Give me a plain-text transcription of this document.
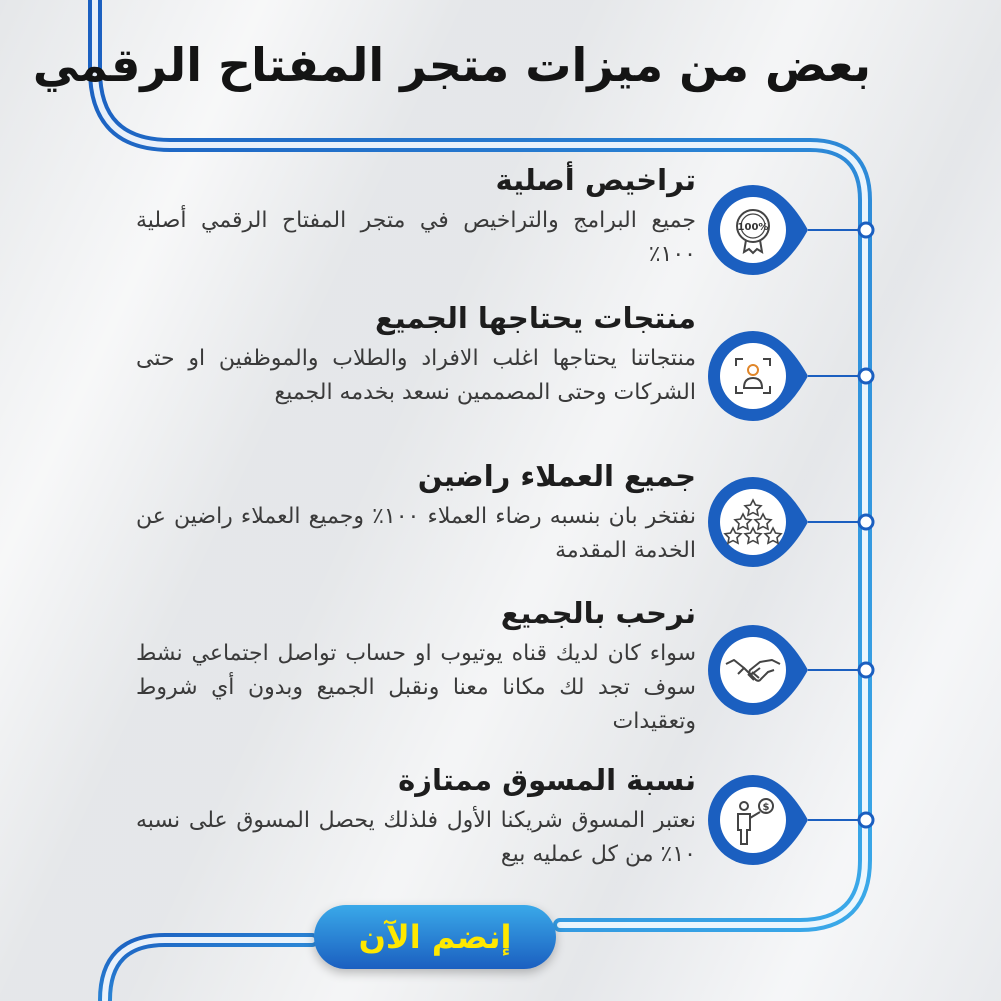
بعض من ميزات متجر المفتاح الرقمي
تراخيص أصلية

جميع البرامج والتراخيص في متجر المفتاح الرقمي أصلية ١٠٠٪

منتجات يحتاجها الجميع

منتجاتنا يحتاجها اغلب الافراد والطلاب والموظفين او حتى الشركات وحتى المصممين نسعد بخدمه الجميع

جميع العملاء راضين

نفتخر بان بنسبه رضاء العملاء ١٠٠٪ وجميع العملاء راضين عن الخدمة المقدمة

نرحب بالجميع

سواء كان لديك قناه يوتيوب او حساب تواصل اجتماعي نشط سوف تجد لك مكانا معنا ونقبل الجميع وبدون أي شروط وتعقيدات

نسبة المسوق ممتازة

نعتبر المسوق شريكنا الأول فلذلك يحصل المسوق على نسبه ١٠٪ من كل عمليه بيع

100%
$
إنضم الآن
